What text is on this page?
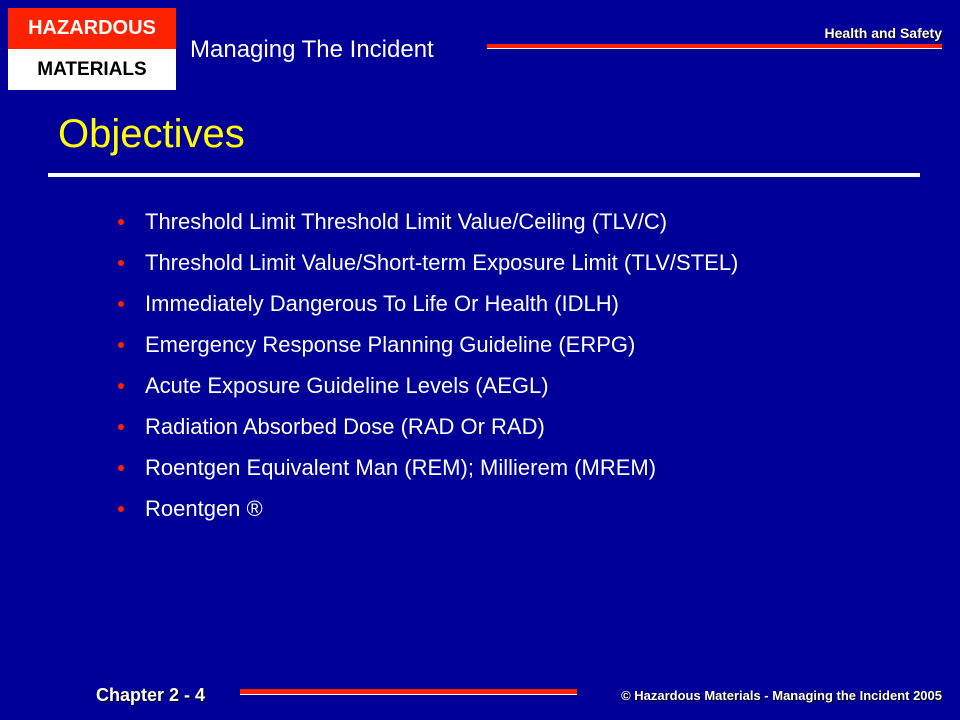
HAZARDOUS
MATERIALS
Managing The Incident
Health and Safety
Objectives
Threshold Limit Threshold Limit Value/Ceiling (TLV/C)
Threshold Limit Value/Short-term Exposure Limit (TLV/STEL)
Immediately Dangerous To Life Or Health (IDLH)
Emergency Response Planning Guideline (ERPG)
Acute Exposure Guideline Levels (AEGL)
Radiation Absorbed Dose (RAD Or RAD)
Roentgen Equivalent Man (REM); Millierem (MREM)
Roentgen ®
Chapter 2 - 4	© Hazardous Materials - Managing the Incident 2005
